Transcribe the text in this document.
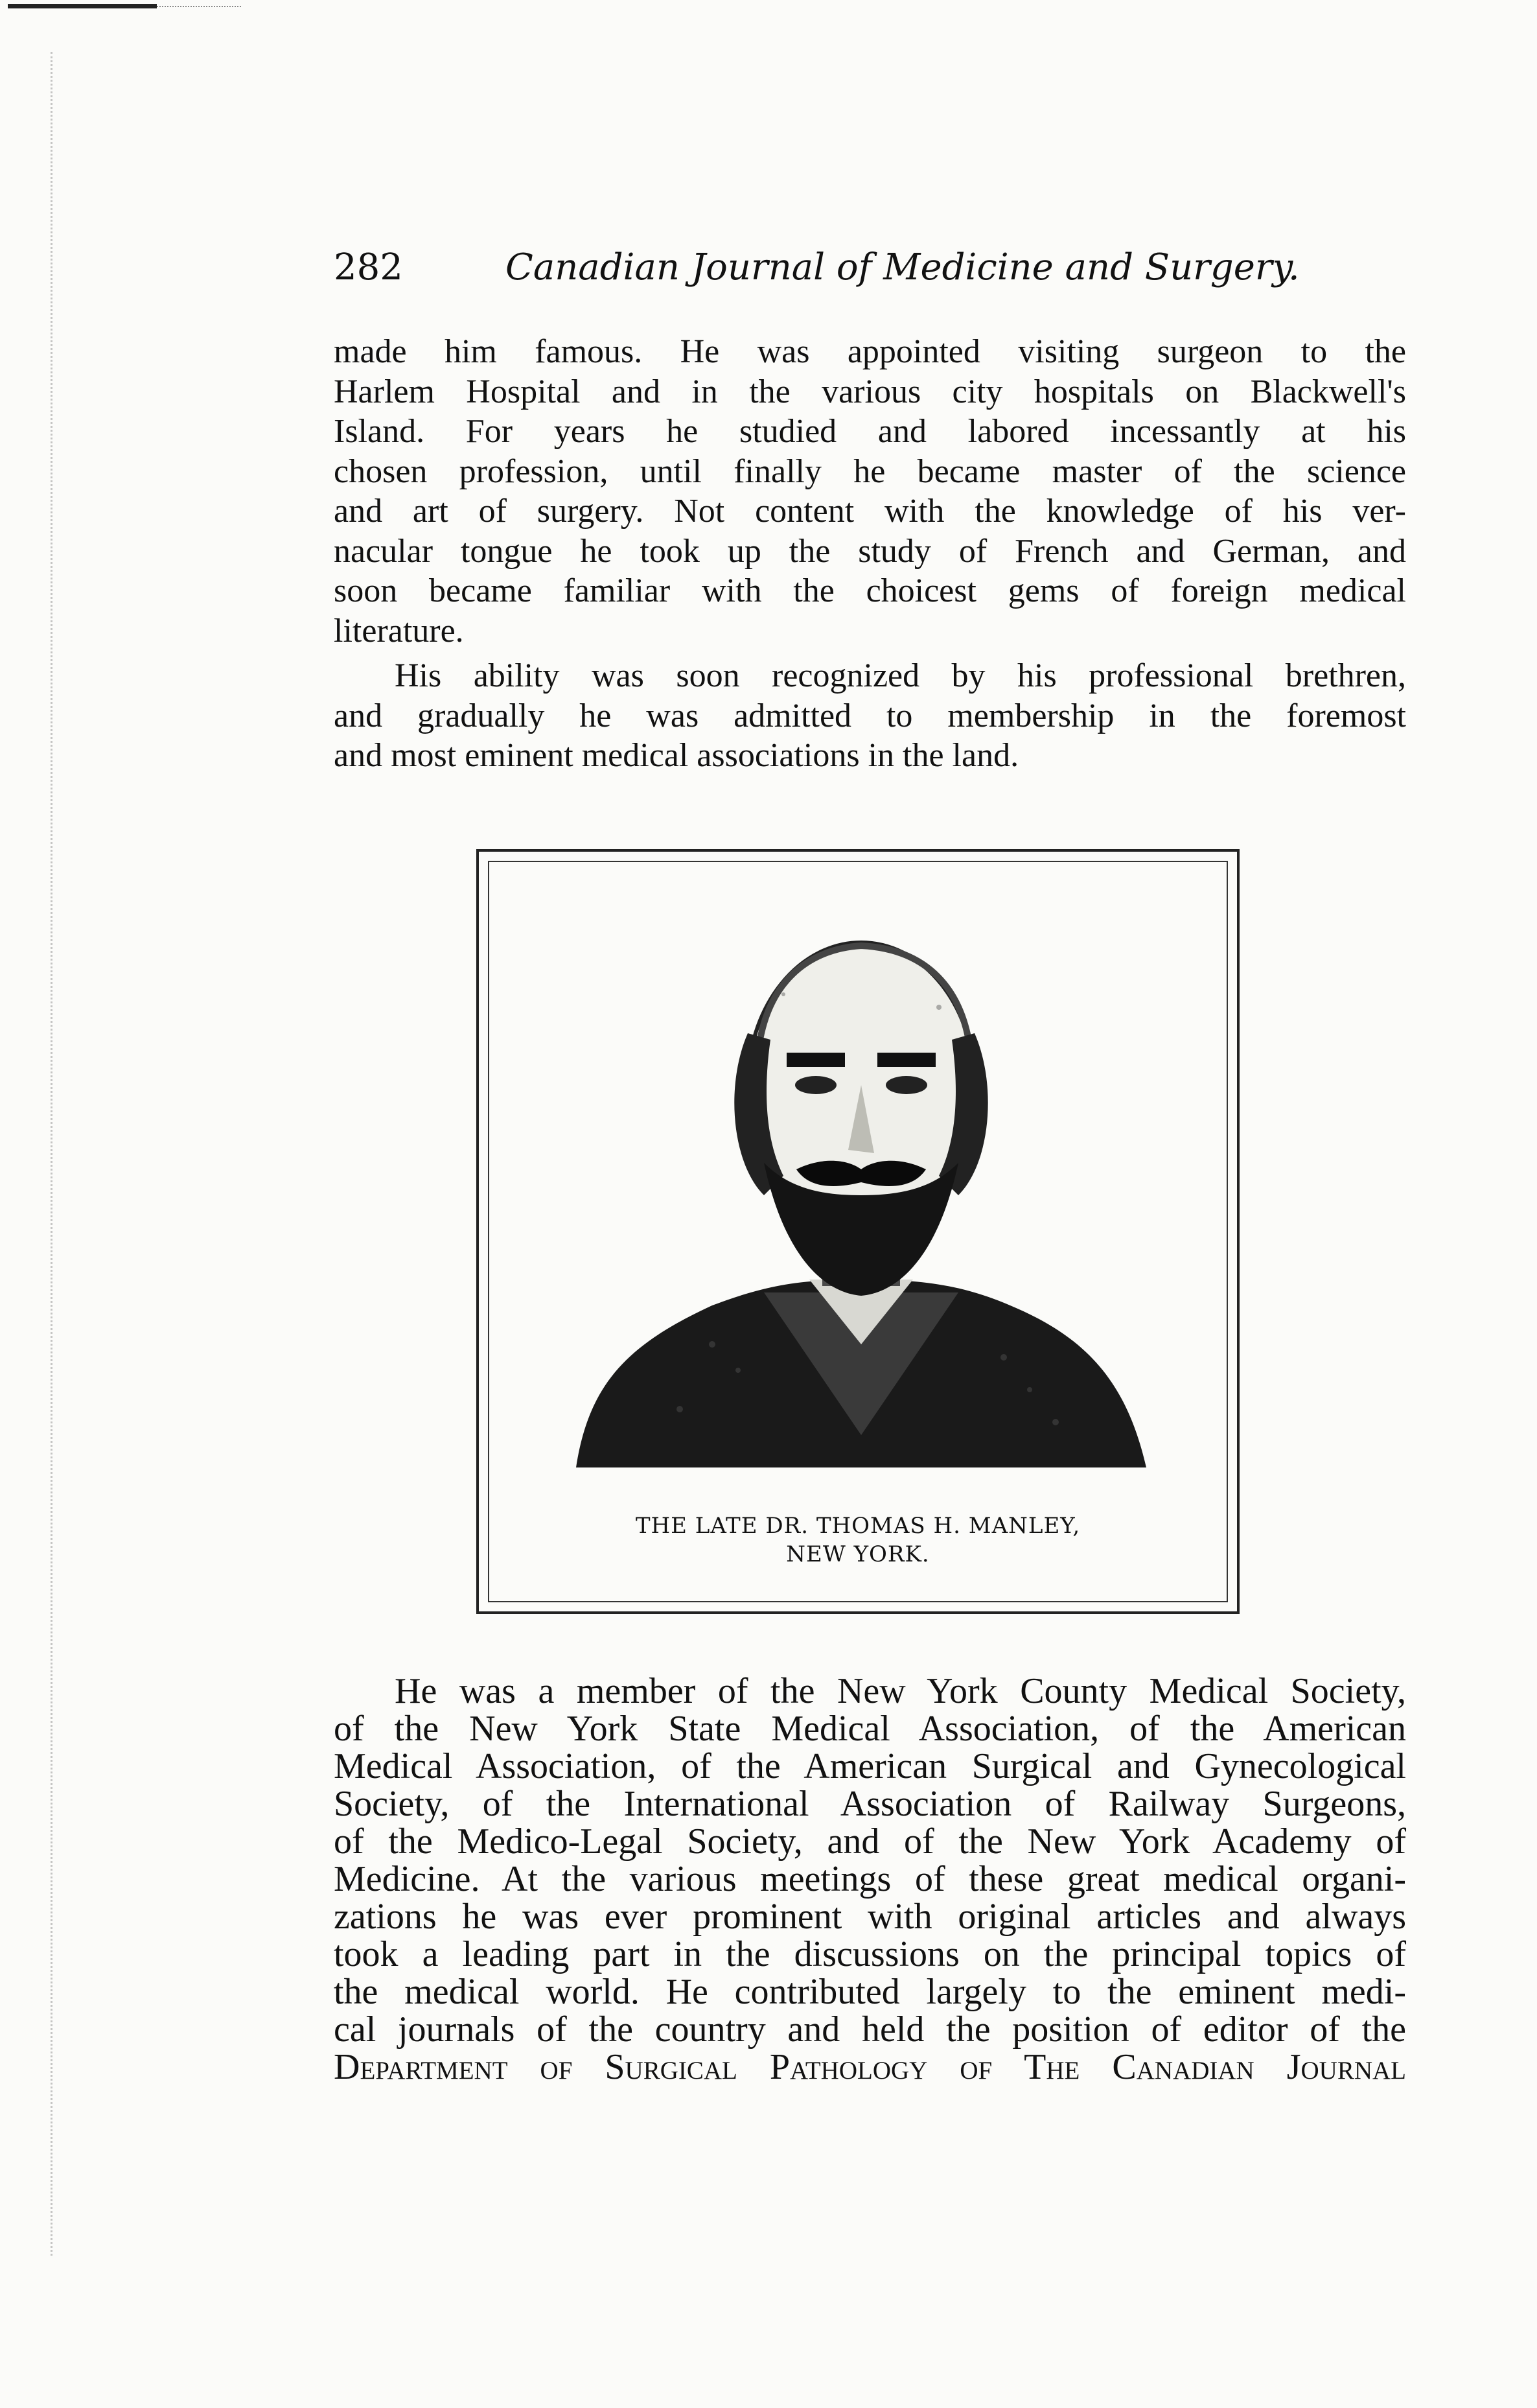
282	Canadian Journal of Medicine and Surgery.
made him famous. He was appointed visiting surgeon to the
Harlem Hospital and in the various city hospitals on Blackwell's
Island. For years he studied and labored incessantly at his
chosen profession, until finally he became master of the science
and art of surgery. Not content with the knowledge of his ver-
nacular tongue he took up the study of French and German, and
soon became familiar with the choicest gems of foreign medical
literature.
His ability was soon recognized by his professional brethren,
and gradually he was admitted to membership in the foremost
and most eminent medical associations in the land.
THE LATE DR. THOMAS H. MANLEY,
NEW YORK.
He was a member of the New York County Medical Society,
of the New York State Medical Association, of the American
Medical Association, of the American Surgical and Gynecological
Society, of the International Association of Railway Surgeons,
of the Medico-Legal Society, and of the New York Academy of
Medicine. At the various meetings of these great medical organi-
zations he was ever prominent with original articles and always
took a leading part in the discussions on the principal topics of
the medical world. He contributed largely to the eminent medi-
cal journals of the country and held the position of editor of the
Department of Surgical Pathology of The Canadian Journal
